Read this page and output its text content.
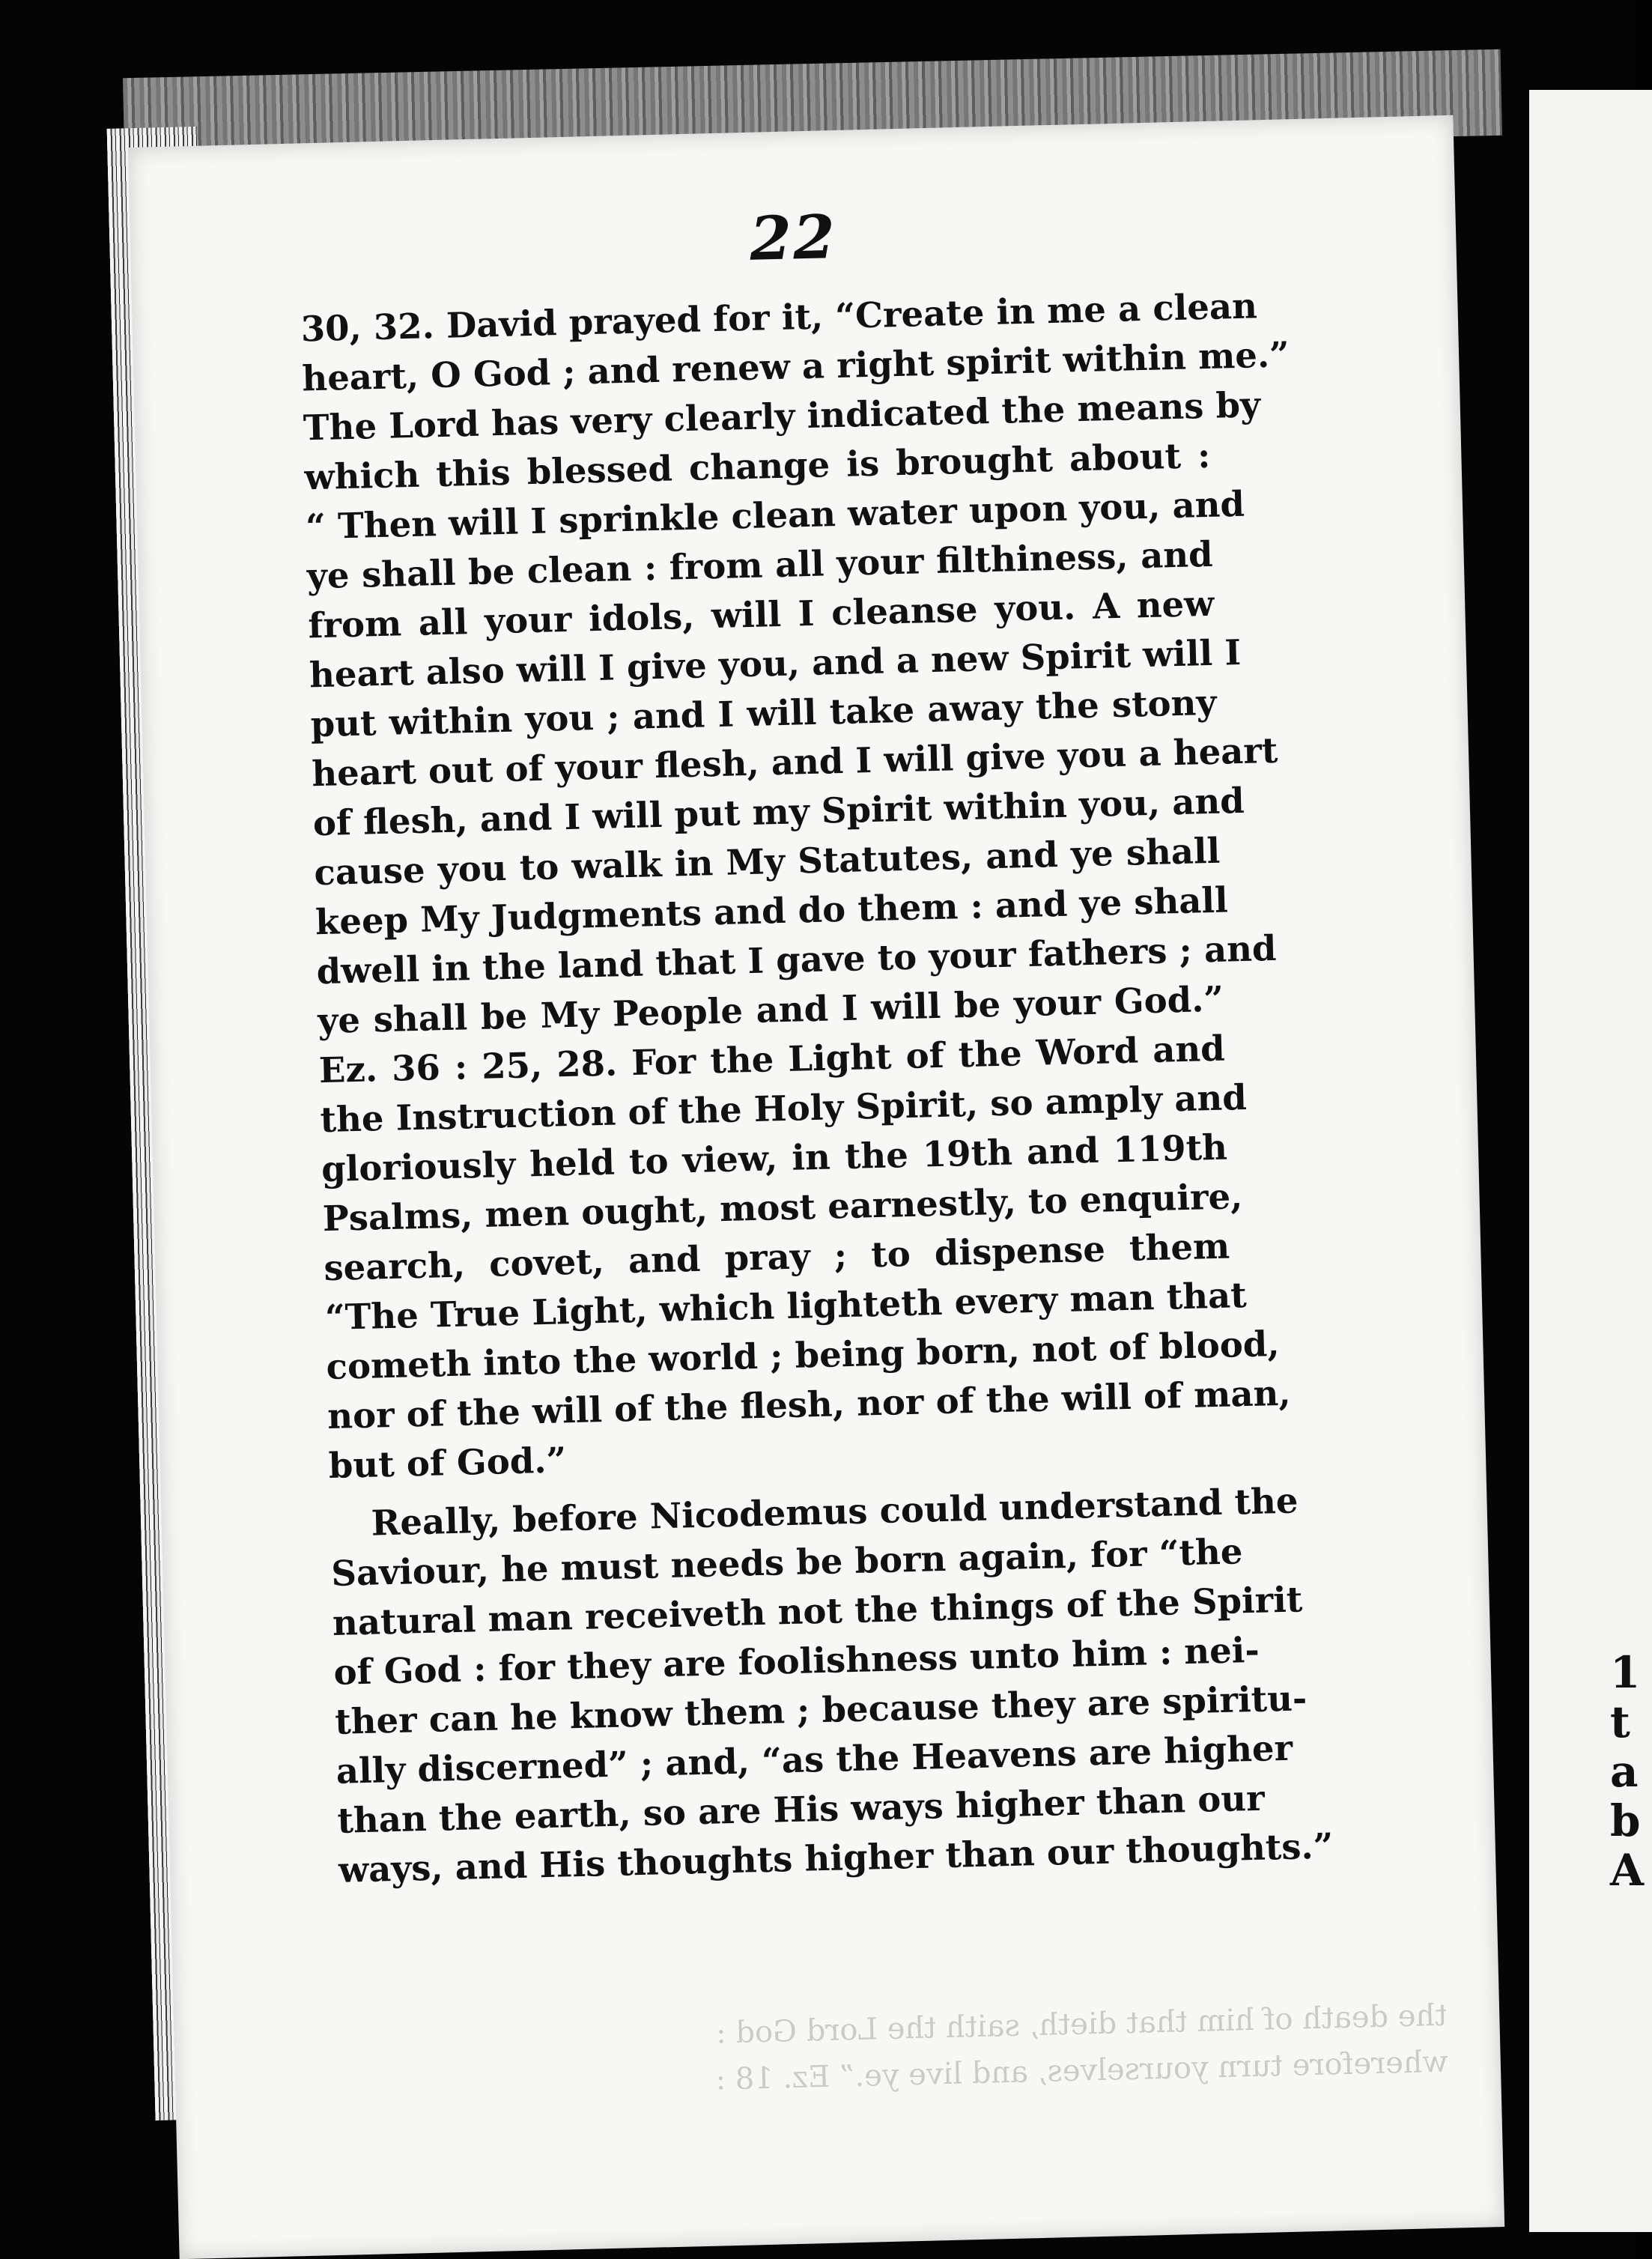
22
30, 32. David prayed for it, “Create in me a clean
heart, O God ; and renew a right spirit within me.”
The Lord has very clearly indicated the means by
which this blessed change is brought about :
“ Then will I sprinkle clean water upon you, and
ye shall be clean : from all your filthiness, and
from all your idols, will I cleanse you. A new
heart also will I give you, and a new Spirit will I
put within you ; and I will take away the stony
heart out of your flesh, and I will give you a heart
of flesh, and I will put my Spirit within you, and
cause you to walk in My Statutes, and ye shall
keep My Judgments and do them : and ye shall
dwell in the land that I gave to your fathers ; and
ye shall be My People and I will be your God.”
Ez. 36 : 25, 28. For the Light of the Word and
the Instruction of the Holy Spirit, so amply and
gloriously held to view, in the 19th and 119th
Psalms, men ought, most earnestly, to enquire,
search, covet, and pray ; to dispense them
“The True Light, which lighteth every man that
cometh into the world ; being born, not of blood,
nor of the will of the flesh, nor of the will of man,
but of God.”
Really, before Nicodemus could understand the
Saviour, he must needs be born again, for “the
natural man receiveth not the things of the Spirit
of God : for they are foolishness unto him : nei-
ther can he know them ; because they are spiritu-
ally discerned” ; and, “as the Heavens are higher
than the earth, so are His ways higher than our
ways, and His thoughts higher than our thoughts.”
the death of him that dieth, saith the Lord God :
wherefore turn yourselves, and live ye.” Ez. 18 :
1
t
a
b
A
